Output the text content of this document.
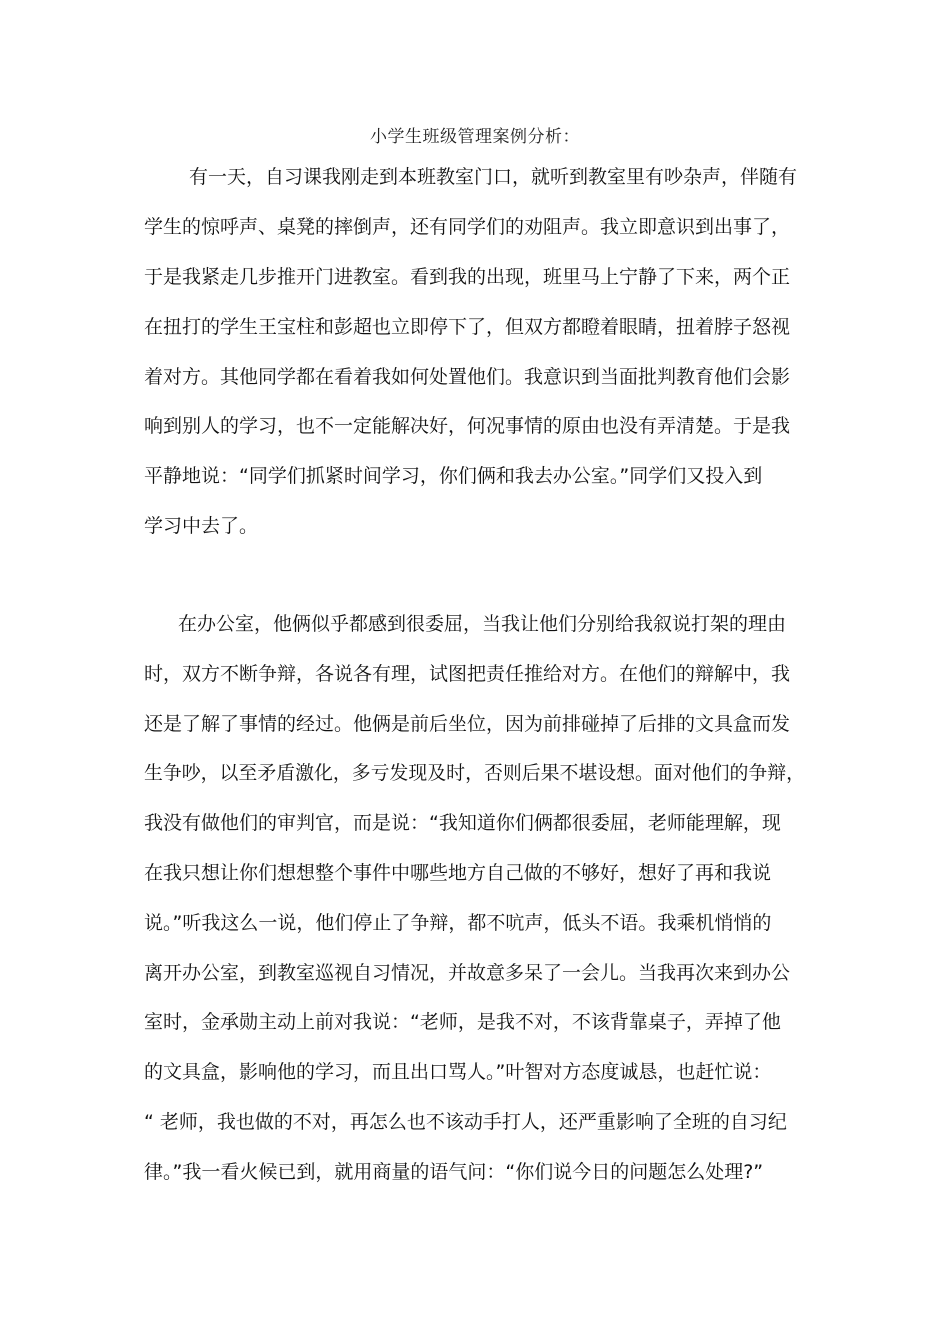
小学生班级管理案例分析：
有一天，自习课我刚走到本班教室门口，就听到教室里有吵杂声，伴随有
学生的惊呼声、桌凳的摔倒声，还有同学们的劝阻声。我立即意识到出事了，
于是我紧走几步推开门进教室。看到我的出现，班里马上宁静了下来，两个正
在扭打的学生王宝柱和彭超也立即停下了，但双方都瞪着眼睛，扭着脖子怒视
着对方。其他同学都在看着我如何处置他们。我意识到当面批判教育他们会影
响到别人的学习，也不一定能解决好，何况事情的原由也没有弄清楚。于是我
平静地说：“同学们抓紧时间学习，你们俩和我去办公室。”同学们又投入到
学习中去了。
在办公室，他俩似乎都感到很委屈，当我让他们分别给我叙说打架的理由
时，双方不断争辩，各说各有理，试图把责任推给对方。在他们的辩解中，我
还是了解了事情的经过。他俩是前后坐位，因为前排碰掉了后排的文具盒而发
生争吵，以至矛盾激化，多亏发现及时，否则后果不堪设想。面对他们的争辩，
我没有做他们的审判官，而是说：“我知道你们俩都很委屈，老师能理解，现
在我只想让你们想想整个事件中哪些地方自己做的不够好，想好了再和我说
说。”听我这么一说，他们停止了争辩，都不吭声，低头不语。我乘机悄悄的
离开办公室，到教室巡视自习情况，并故意多呆了一会儿。当我再次来到办公
室时，金承勋主动上前对我说：“老师，是我不对，不该背靠桌子，弄掉了他
的文具盒，影响他的学习，而且出口骂人。”叶智对方态度诚恳，也赶忙说：
“ 老师，我也做的不对，再怎么也不该动手打人，还严重影响了全班的自习纪
律。”我一看火候已到，就用商量的语气问：“你们说今日的问题怎么处理?”
